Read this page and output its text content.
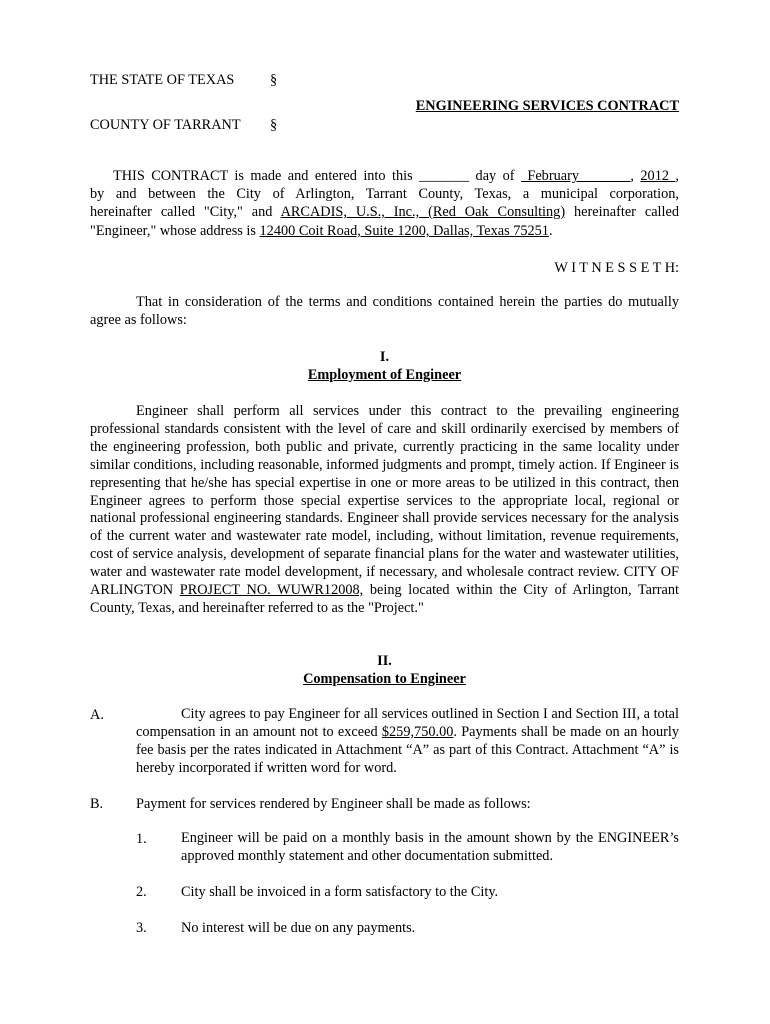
THE STATE OF TEXAS §
ENGINEERING SERVICES CONTRACT
COUNTY OF TARRANT §
THIS CONTRACT is made and entered into this _______ day of  February        , 2012 ,
by and between the City of Arlington, Tarrant County, Texas, a municipal corporation,
hereinafter called "City," and ARCADIS, U.S., Inc., (Red Oak Consulting) hereinafter called
"Engineer," whose address is 12400 Coit Road, Suite 1200, Dallas, Texas 75251.
W I T N E S S E T H:
That in consideration of the terms and conditions contained herein the parties do mutually agree as follows:
I.
Employment of Engineer
Engineer shall perform all services under this contract to the prevailing engineering professional standards consistent with the level of care and skill ordinarily exercised by members of the engineering profession, both public and private, currently practicing in the same locality under similar conditions, including reasonable, informed judgments and prompt, timely action. If Engineer is representing that he/she has special expertise in one or more areas to be utilized in this contract, then Engineer agrees to perform those special expertise services to the appropriate local, regional or national professional engineering standards. Engineer shall provide services necessary for the analysis of the current water and wastewater rate model, including, without limitation, revenue requirements, cost of service analysis, development of separate financial plans for the water and wastewater utilities, water and wastewater rate model development, if necessary, and wholesale contract review. CITY OF ARLINGTON PROJECT NO. WUWR12008, being located within the City of Arlington, Tarrant County, Texas, and hereinafter referred to as the "Project."
II.
Compensation to Engineer
A.	City agrees to pay Engineer for all services outlined in Section I and Section III, a total compensation in an amount not to exceed $259,750.00. Payments shall be made on an hourly fee basis per the rates indicated in Attachment “A” as part of this Contract. Attachment “A” is hereby incorporated if written word for word.
B. Payment for services rendered by Engineer shall be made as follows:
1. Engineer will be paid on a monthly basis in the amount shown by the ENGINEER’s approved monthly statement and other documentation submitted.
2. City shall be invoiced in a form satisfactory to the City.
3. No interest will be due on any payments.
